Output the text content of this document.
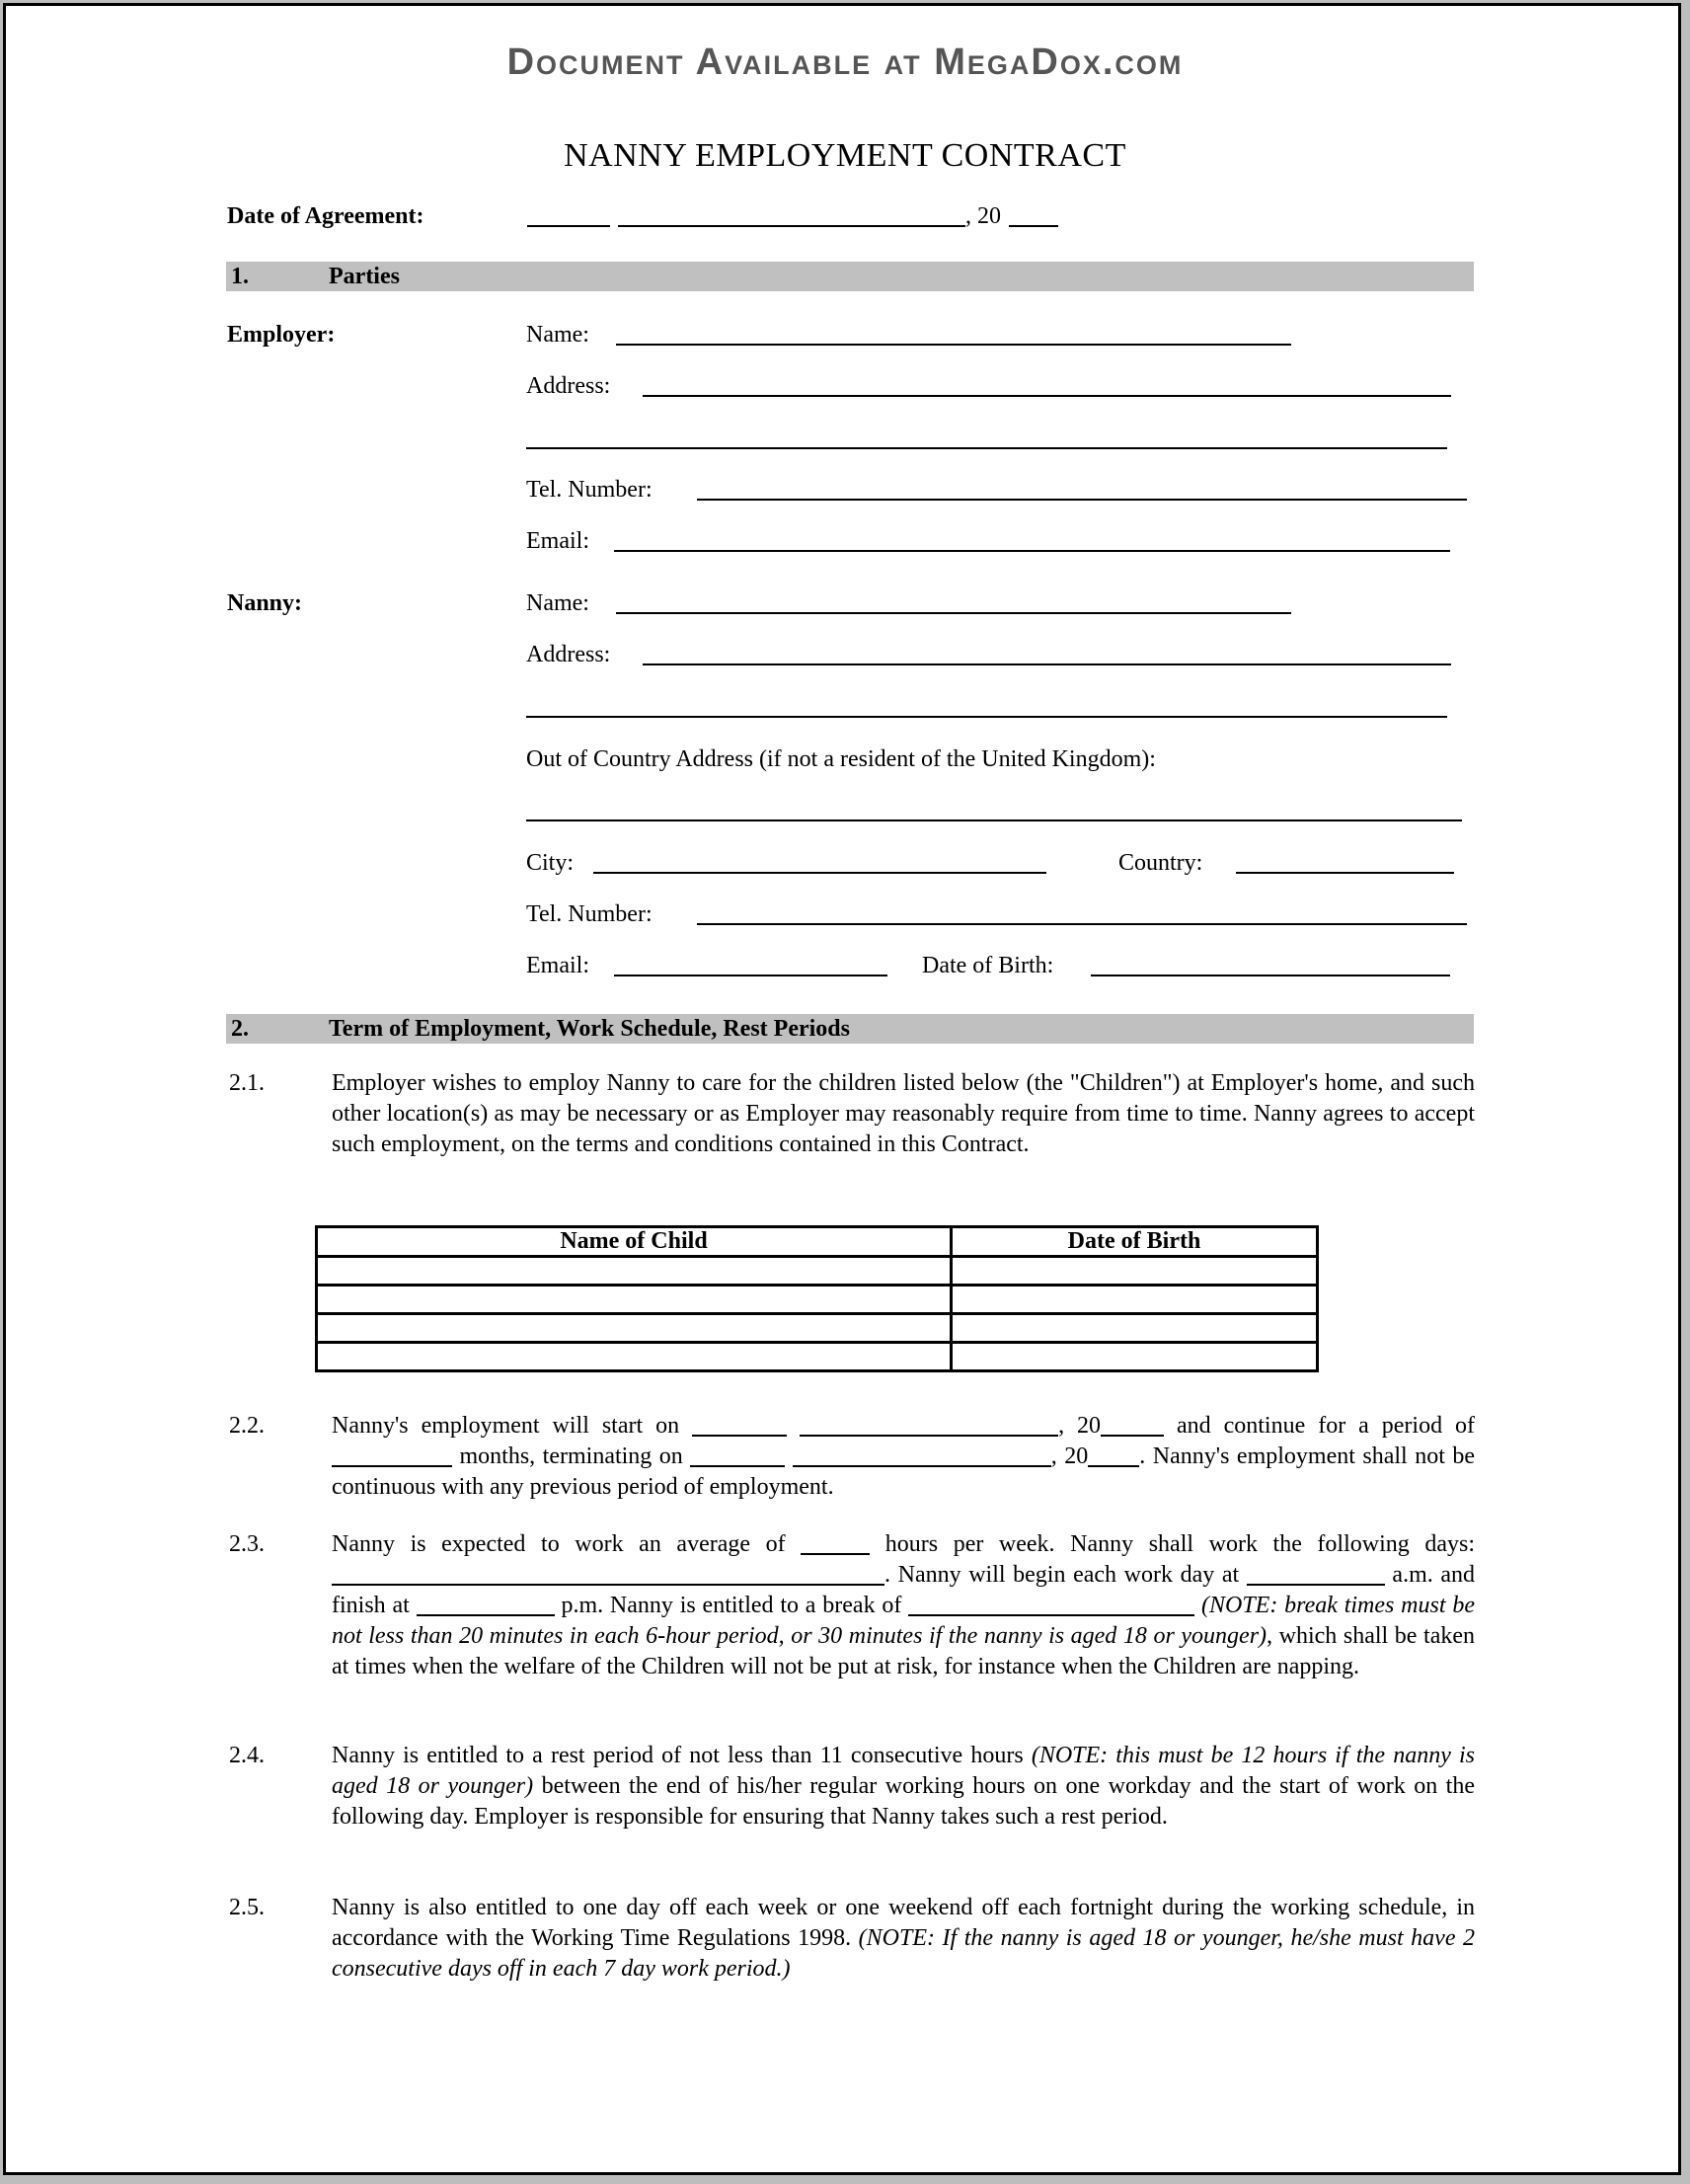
Document Available at MegaDox.com
NANNY EMPLOYMENT CONTRACT
Date of Agreement:	, 20
1.	Parties
Employer:	Name:
Address:
Tel. Number:
Email:
Nanny:	Name:
Address:
Out of Country Address (if not a resident of the United Kingdom):
City:	Country:
Tel. Number:
Email:	Date of Birth:
2.	Term of Employment, Work Schedule, Rest Periods
2.1.	Employer wishes to employ Nanny to care for the children listed below (the "Children") at Employer's home, and such other location(s) as may be necessary or as Employer may reasonably require from time to time. Nanny agrees to accept such employment, on the terms and conditions contained in this Contract.
Name of Child	Date of Birth

2.2.	Nanny's employment will start on	, 20	and continue for a period of  months, terminating on	, 20 . Nanny's employment shall not be continuous with any previous period of employment.
2.3.	Nanny is expected to work an average of	hours per week. Nanny shall work the following days: . Nanny will begin each work day at	a.m. and finish at	p.m. Nanny is entitled to a break of	(NOTE: break times must be not less than 20 minutes in each 6-hour period, or 30 minutes if the nanny is aged 18 or younger), which shall be taken at times when the welfare of the Children will not be put at risk, for instance when the Children are napping.
2.4.	Nanny is entitled to a rest period of not less than 11 consecutive hours (NOTE: this must be 12 hours if the nanny is aged 18 or younger) between the end of his/her regular working hours on one workday and the start of work on the following day. Employer is responsible for ensuring that Nanny takes such a rest period.
2.5.	Nanny is also entitled to one day off each week or one weekend off each fortnight during the working schedule, in accordance with the Working Time Regulations 1998. (NOTE: If the nanny is aged 18 or younger, he/she must have 2 consecutive days off in each 7 day work period.)
